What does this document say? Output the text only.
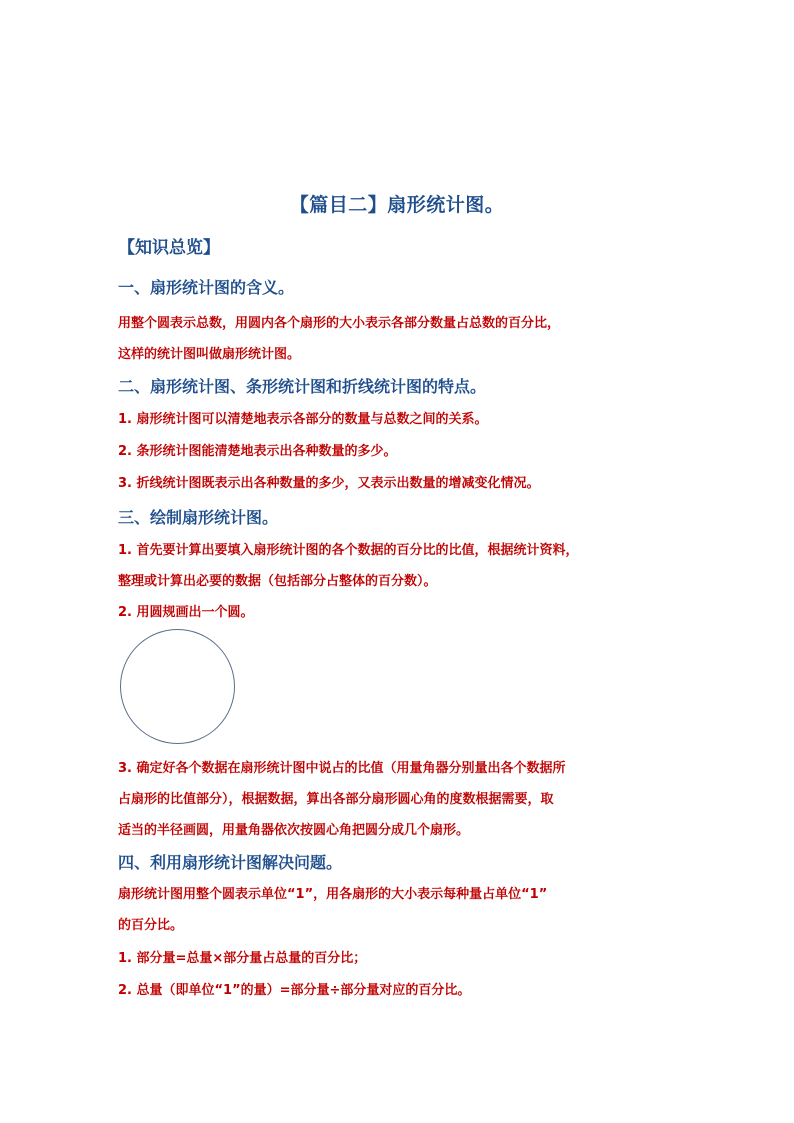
【篇目二】扇形统计图。
【知识总览】
一、扇形统计图的含义。
用整个圆表示总数，用圆内各个扇形的大小表示各部分数量占总数的百分比，
这样的统计图叫做扇形统计图。
二、扇形统计图、条形统计图和折线统计图的特点。
1. 扇形统计图可以清楚地表示各部分的数量与总数之间的关系。
2. 条形统计图能清楚地表示出各种数量的多少。
3. 折线统计图既表示出各种数量的多少，又表示出数量的增减变化情况。
三、绘制扇形统计图。
1. 首先要计算出要填入扇形统计图的各个数据的百分比的比值，根据统计资料，
整理或计算出必要的数据（包括部分占整体的百分数）。
2. 用圆规画出一个圆。
3. 确定好各个数据在扇形统计图中说占的比值（用量角器分别量出各个数据所
占扇形的比值部分），根据数据，算出各部分扇形圆心角的度数根据需要，取
适当的半径画圆，用量角器依次按圆心角把圆分成几个扇形。
四、利用扇形统计图解决问题。
扇形统计图用整个圆表示单位“1”，用各扇形的大小表示每种量占单位“1”
的百分比。
1. 部分量=总量×部分量占总量的百分比；
2. 总量（即单位“1”的量）=部分量÷部分量对应的百分比。
